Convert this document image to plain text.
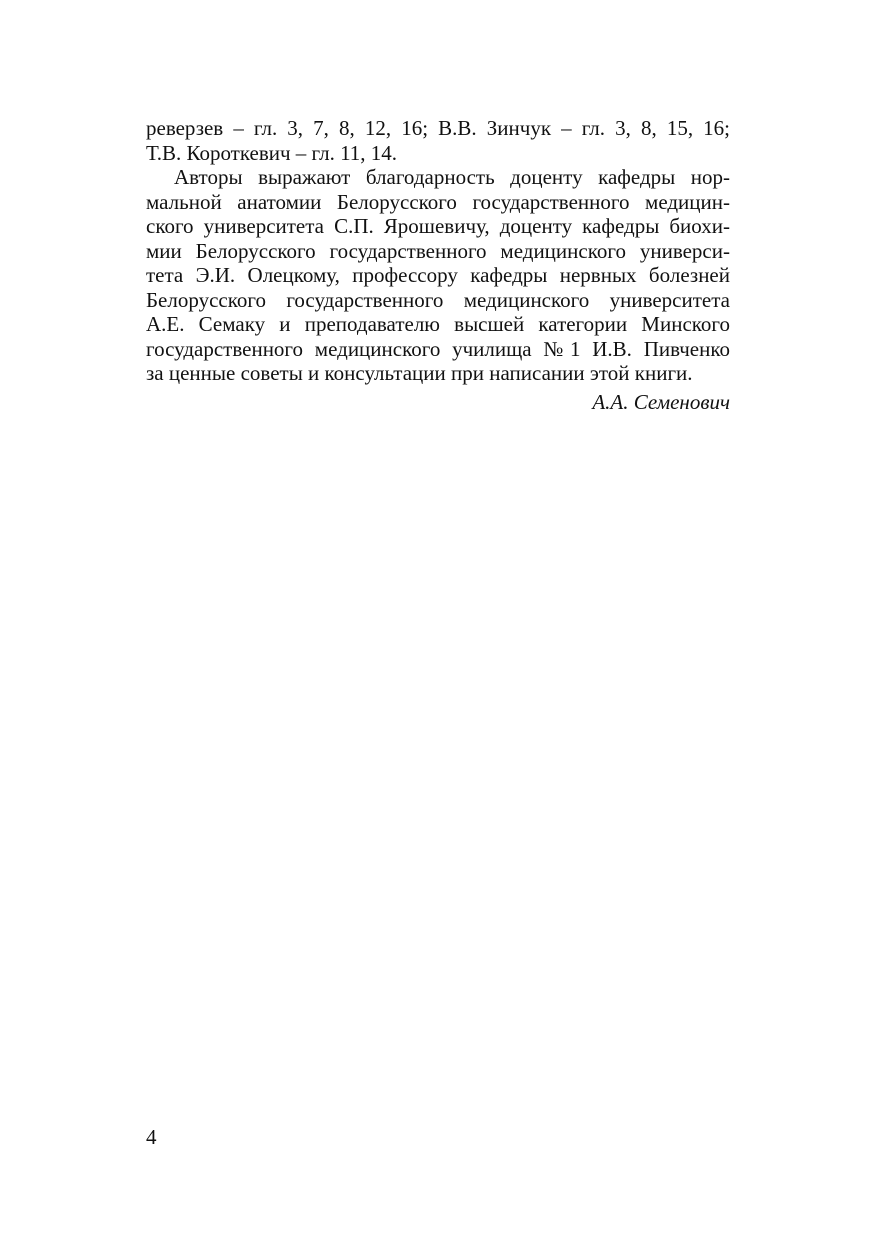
реверзев – гл. 3, 7, 8, 12, 16; В.В. Зинчук – гл. 3, 8, 15, 16;
Т.В. Короткевич – гл. 11, 14.
Авторы выражают благодарность доценту кафедры нор-
мальной анатомии Белорусского государственного медицин-
ского университета С.П. Ярошевичу, доценту кафедры биохи-
мии Белорусского государственного медицинского универси-
тета Э.И. Олецкому, профессору кафедры нервных болезней
Белорусского государственного медицинского университета
А.Е. Семаку и преподавателю высшей категории Минского
государственного медицинского училища №1 И.В. Пивченко
за ценные советы и консультации при написании этой книги.
А.А. Семенович
4
